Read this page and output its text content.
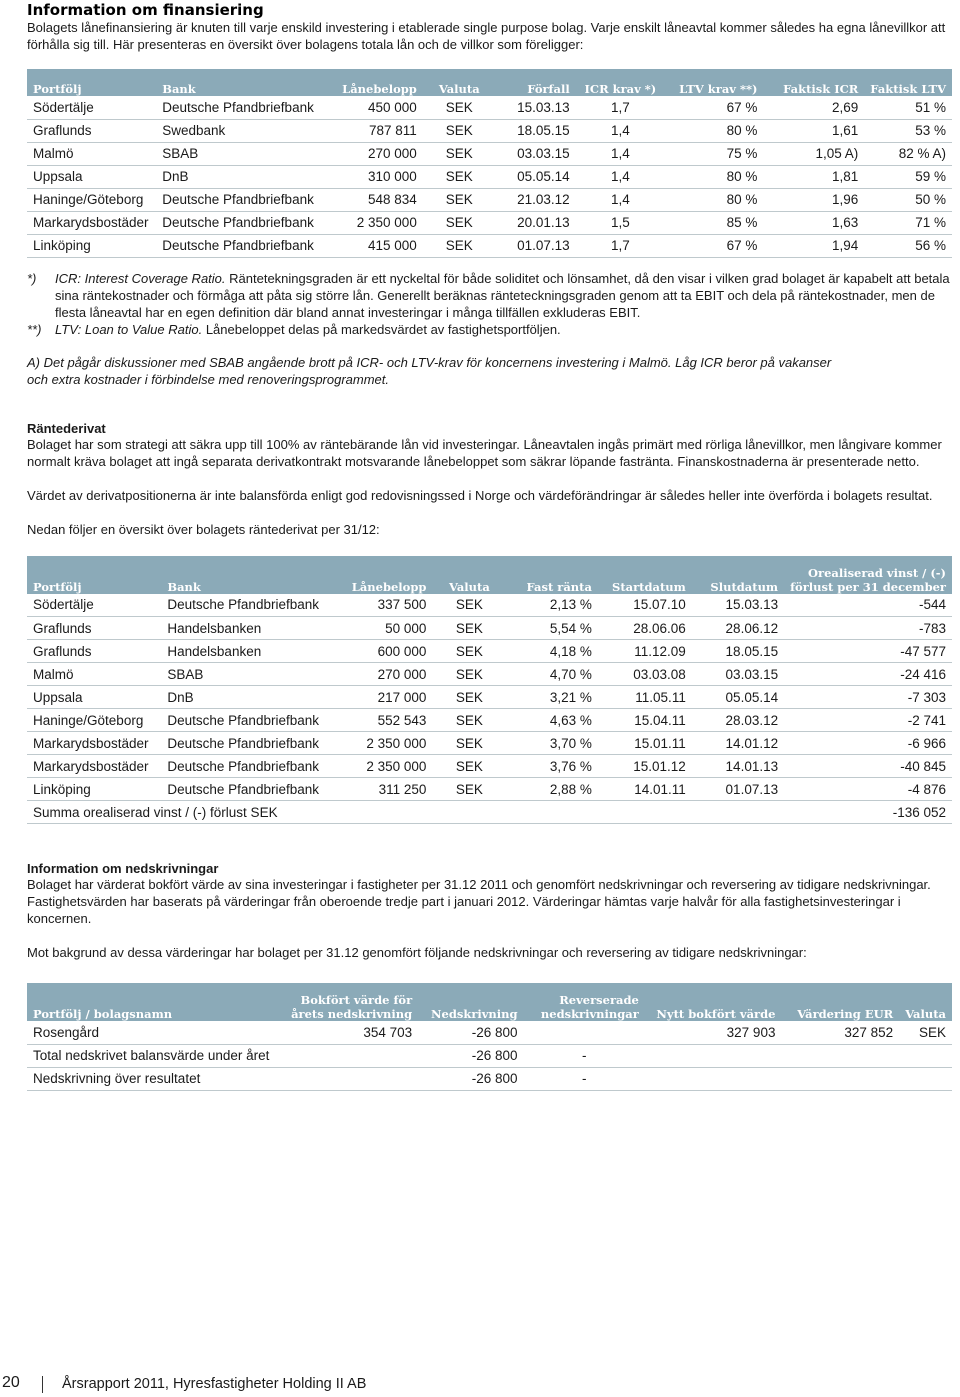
Information om finansiering

Bolagets lånefinansiering är knuten till varje enskild investering i etablerade single purpose bolag. Varje enskilt låneavtal kommer således ha egna lånevillkor att förhålla sig till. Här presenteras en översikt över bolagens totala lån och de villkor som föreligger:

Portfölj	Bank	Lånebelopp	Valuta	Förfall	ICR krav *)	LTV krav **)	Faktisk ICR	Faktisk LTV
Södertälje	Deutsche Pfandbriefbank	450 000	SEK	15.03.13	1,7	67 %	2,69	51 %
Graflunds	Swedbank	787 811	SEK	18.05.15	1,4	80 %	1,61	53 %
Malmö	SBAB	270 000	SEK	03.03.15	1,4	75 %	1,05 A)	82 % A)
Uppsala	DnB	310 000	SEK	05.05.14	1,4	80 %	1,81	59 %
Haninge/Göteborg	Deutsche Pfandbriefbank	548 834	SEK	21.03.12	1,4	80 %	1,96	50 %
Markarydsbostäder	Deutsche Pfandbriefbank	2 350 000	SEK	20.01.13	1,5	85 %	1,63	71 %
Linköping	Deutsche Pfandbriefbank	415 000	SEK	01.07.13	1,7	67 %	1,94	56 %
*)	ICR: Interest Coverage Ratio. Räntetekningsgraden är ett nyckeltal för både soliditet och lönsamhet, då den visar i vilken grad bolaget är kapabelt att betala sina räntekostnader och förmåga att påta sig större lån. Generellt beräknas ränteteckningsgraden genom att ta EBIT och dela på räntekostnader, men de flesta låneavtal har en egen definition där bland annat investeringar i många tillfällen exkluderas EBIT.
**)	LTV: Loan to Value Ratio. Lånebeloppet delas på markedsvärdet av fastighetsportföljen.

A) Det pågår diskussioner med SBAB angående brott på ICR- och LTV-krav för koncernens investering i Malmö. Låg ICR beror på vakanser och extra kostnader i förbindelse med renoveringsprogrammet.

Räntederivat

Bolaget har som strategi att säkra upp till 100% av räntebärande lån vid investeringar. Låneavtalen ingås primärt med rörliga lånevillkor, men långivare kommer normalt kräva bolaget att ingå separata derivatkontrakt motsvarande lånebeloppet som säkrar löpande fastränta. Finanskostnaderna är presenterade netto.

Värdet av derivatpositionerna är inte balansförda enligt god redovisningssed i Norge och värdeförändringar är således heller inte överförda i bolagets resultat.

Nedan följer en översikt över bolagets räntederivat per 31/12:

Portfölj	Bank	Lånebelopp	Valuta	Fast ränta	Startdatum	Slutdatum	Orealiserad vinst / (-)
förlust per 31 december
Södertälje	Deutsche Pfandbriefbank	337 500	SEK	2,13 %	15.07.10	15.03.13	-544
Graflunds	Handelsbanken	50 000	SEK	5,54 %	28.06.06	28.06.12	-783
Graflunds	Handelsbanken	600 000	SEK	4,18 %	11.12.09	18.05.15	-47 577
Malmö	SBAB	270 000	SEK	4,70 %	03.03.08	03.03.15	-24 416
Uppsala	DnB	217 000	SEK	3,21 %	11.05.11	05.05.14	-7 303
Haninge/Göteborg	Deutsche Pfandbriefbank	552 543	SEK	4,63 %	15.04.11	28.03.12	-2 741
Markarydsbostäder	Deutsche Pfandbriefbank	2 350 000	SEK	3,70 %	15.01.11	14.01.12	-6 966
Markarydsbostäder	Deutsche Pfandbriefbank	2 350 000	SEK	3,76 %	15.01.12	14.01.13	-40 845
Linköping	Deutsche Pfandbriefbank	311 250	SEK	2,88 %	14.01.11	01.07.13	-4 876
Summa orealiserad vinst / (-) förlust SEK							-136 052
Information om nedskrivningar

Bolaget har värderat bokfört värde av sina investeringar i fastigheter per 31.12 2011 och genomfört nedskrivningar och reversering av tidigare nedskrivningar. Fastighetsvärden har baserats på värderingar från oberoende tredje part i januari 2012. Värderingar hämtas varje halvår för alla fastighetsinvesteringar i koncernen.

Mot bakgrund av dessa värderingar har bolaget per 31.12 genomfört följande nedskrivningar och reversering av tidigare nedskrivningar:

Portfölj / bolagsnamn	Bokfört värde för
årets nedskrivning	Nedskrivning	Reverserade
nedskrivningar	Nytt bokfört värde	Värdering EUR	Valuta
Rosengård	354 703	-26 800		327 903	327 852	SEK
Total nedskrivet balansvärde under året		-26 800	-			
Nedskrivning över resultatet		-26 800	-			
20	Årsrapport 2011, Hyresfastigheter Holding II AB
